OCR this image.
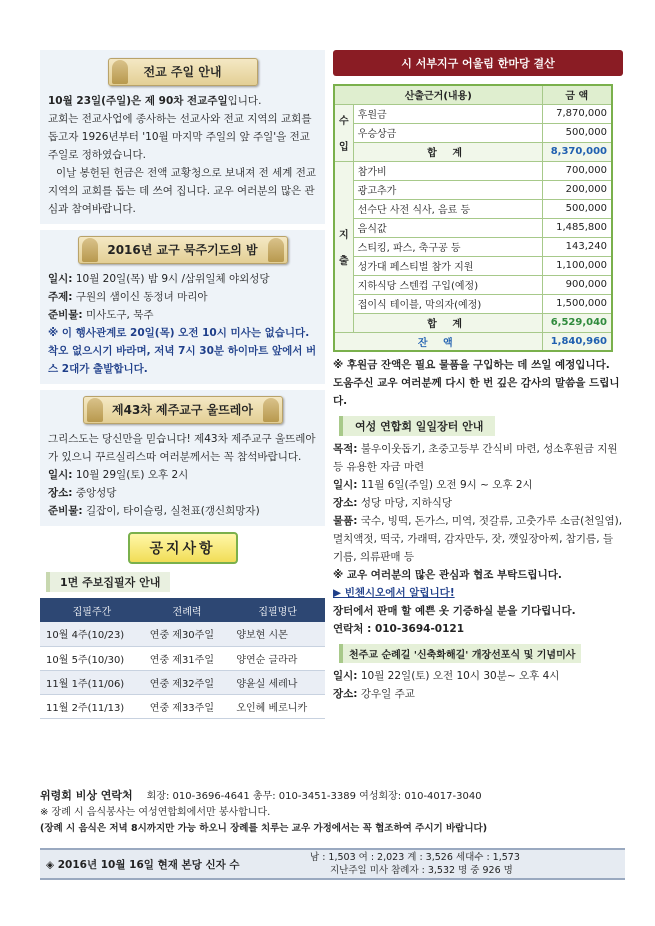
전교 주일 안내

10월 23일(주일)은 제 90차 전교주일입니다.

교회는 전교사업에 종사하는 선교사와 전교 지역의 교회를 돕고자 1926년부터 '10월 마지막 주일의 앞 주일'을 전교주일로 정하였습니다.

이날 봉헌된 헌금은 전액 교황청으로 보내져 전 세계 전교 지역의 교회를 돕는 데 쓰여 집니다. 교우 여러분의 많은 관심과 참여바랍니다.

2016년 교구 묵주기도의 밤

일시: 10월 20일(목) 밤 9시 /삼위일체 야외성당

주제: 구원의 샘이신 동정녀 마리아

준비물: 미사도구, 묵주

※ 이 행사관계로 20일(목) 오전 10시 미사는 없습니다. 착오 없으시기 바라며, 저녁 7시 30분 하이마트 앞에서 버스 2대가 출발합니다.

제43차 제주교구 울뜨레아

그리스도는 당신만을 믿습니다! 제43차 제주교구 울뜨레아가 있으니 꾸르실리스따 여러분께서는 꼭 참석바랍니다.

일시: 10월 29일(토) 오후 2시

장소: 중앙성당

준비물: 길잡이, 타이슬링, 실천표(갱신희망자)

공지사항
1면 주보집필자 안내
집필주간	전례력	집필명단
10월 4주(10/23)	연중 제30주일	양보현 시몬
10월 5주(10/30)	연중 제31주일	양연순 글라라
11월 1주(11/06)	연중 제32주일	양윤실 세레나
11월 2주(11/13)	연중 제33주일	오인혜 베로니카
시 서부지구 어울림 한마당 결산
산출근거(내용)		금 액
수

입	후원금	7,870,000
	우승상금	500,000
	합 계	8,370,000
지

출	참가비	700,000
	광고추가	200,000
	선수단 사전 식사, 음료 등	500,000
	음식값	1,485,800
	스티킹, 파스, 축구공 등	143,240
	성가대 페스티벌 참가 지원	1,100,000
	지하식당 스텐컵 구입(예정)	900,000
	접이식 테이블, 막의자(예정)	1,500,000
	합 계	6,529,040
잔 액		1,840,960

※ 후원금 잔액은 필요 물품을 구입하는 데 쓰일 예정입니다. 도움주신 교우 여러분께 다시 한 번 깊은 감사의 말씀을 드립니다.

여성 연합회 일일장터 안내

목적: 불우이웃돕기, 초중고등부 간식비 마련, 성소후원금 지원 등 유용한 자금 마련

일시: 11월 6일(주일) 오전 9시 ~ 오후 2시

장소: 성당 마당, 지하식당

물품: 국수, 빙떡, 돈가스, 미역, 젓갈류, 고춧가루 소금(천일염), 멸치액젓, 떡국, 가래떡, 감자만두, 잣, 깻잎장아찌, 참기름, 들기름, 의류판매 등

※ 교우 여러분의 많은 관심과 협조 부탁드립니다.

▶ 빈첸시오에서 알립니다!

장터에서 판매 할 예쁜 옷 기증하실 분을 기다립니다.

연락처 : 010-3694-0121

천주교 순례길 '신축화해길' 개장선포식 및 기념미사

일시: 10월 22일(토) 오전 10시 30분~ 오후 4시

장소: 강우일 주교

위령회 비상 연락처 회장: 010-3696-4641 총무: 010-3451-3389 여성회장: 010-4017-3040

※ 장례 시 음식봉사는 여성연합회에서만 봉사합니다.

(장례 시 음식은 저녁 8시까지만 가능 하오니 장례를 치루는 교우 가정에서는 꼭 협조하여 주시기 바랍니다)

◈ 2016년 10월 16일 현재 본당 신자 수
남 : 1,503 여 : 2,023 계 : 3,526 세대수 : 1,573
지난주일 미사 참례자 : 3,532 명 중 926 명
